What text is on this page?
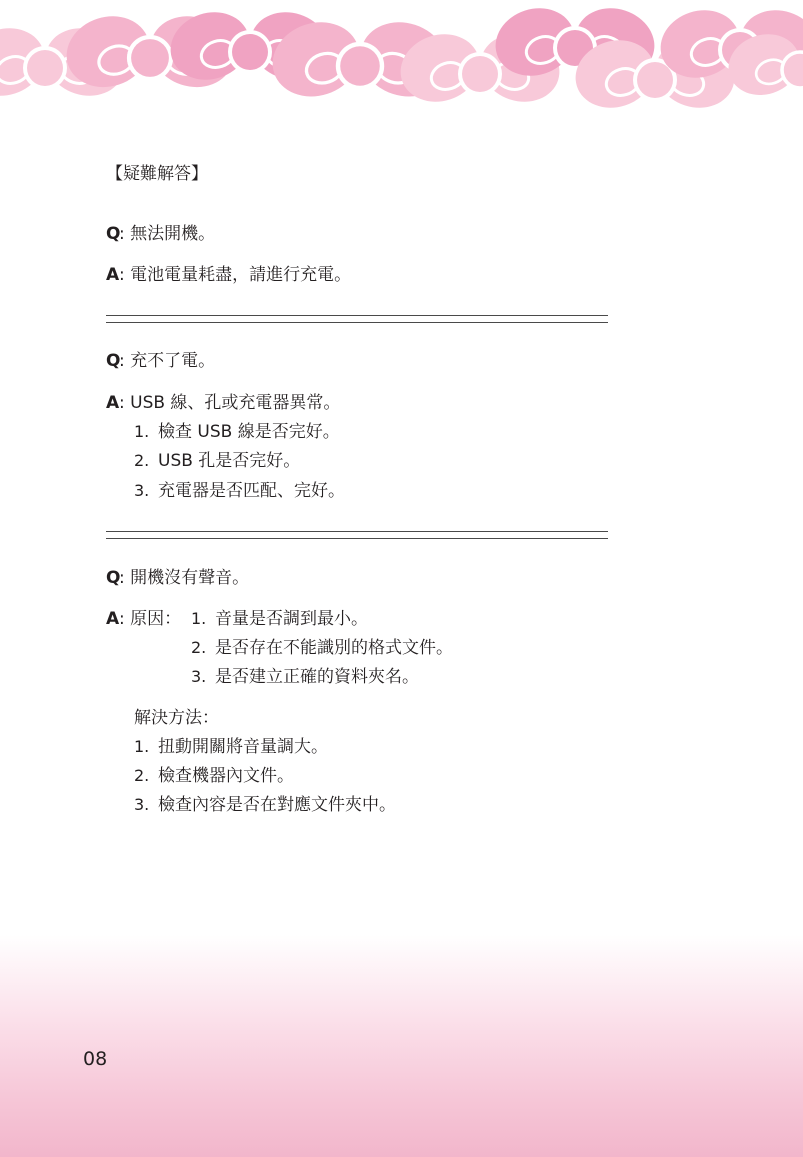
【疑難解答】
Q
: 無法開機。
A : 電池電量耗盡，請進行充電。
Q
: 充不了電。
A : USB 線、孔或充電器異常。
1. 檢查 USB 線是否完好。
2. USB 孔是否完好。
3. 充電器是否匹配、完好。
Q
: 開機沒有聲音。
A : 原因： 1. 音量是否調到最小。
2. 是否存在不能識別的格式文件。
3. 是否建立正確的資料夾名。
解決方法：
1. 扭動開關將音量調大。
2. 檢查機器內文件。
3. 檢查內容是否在對應文件夾中。
08
